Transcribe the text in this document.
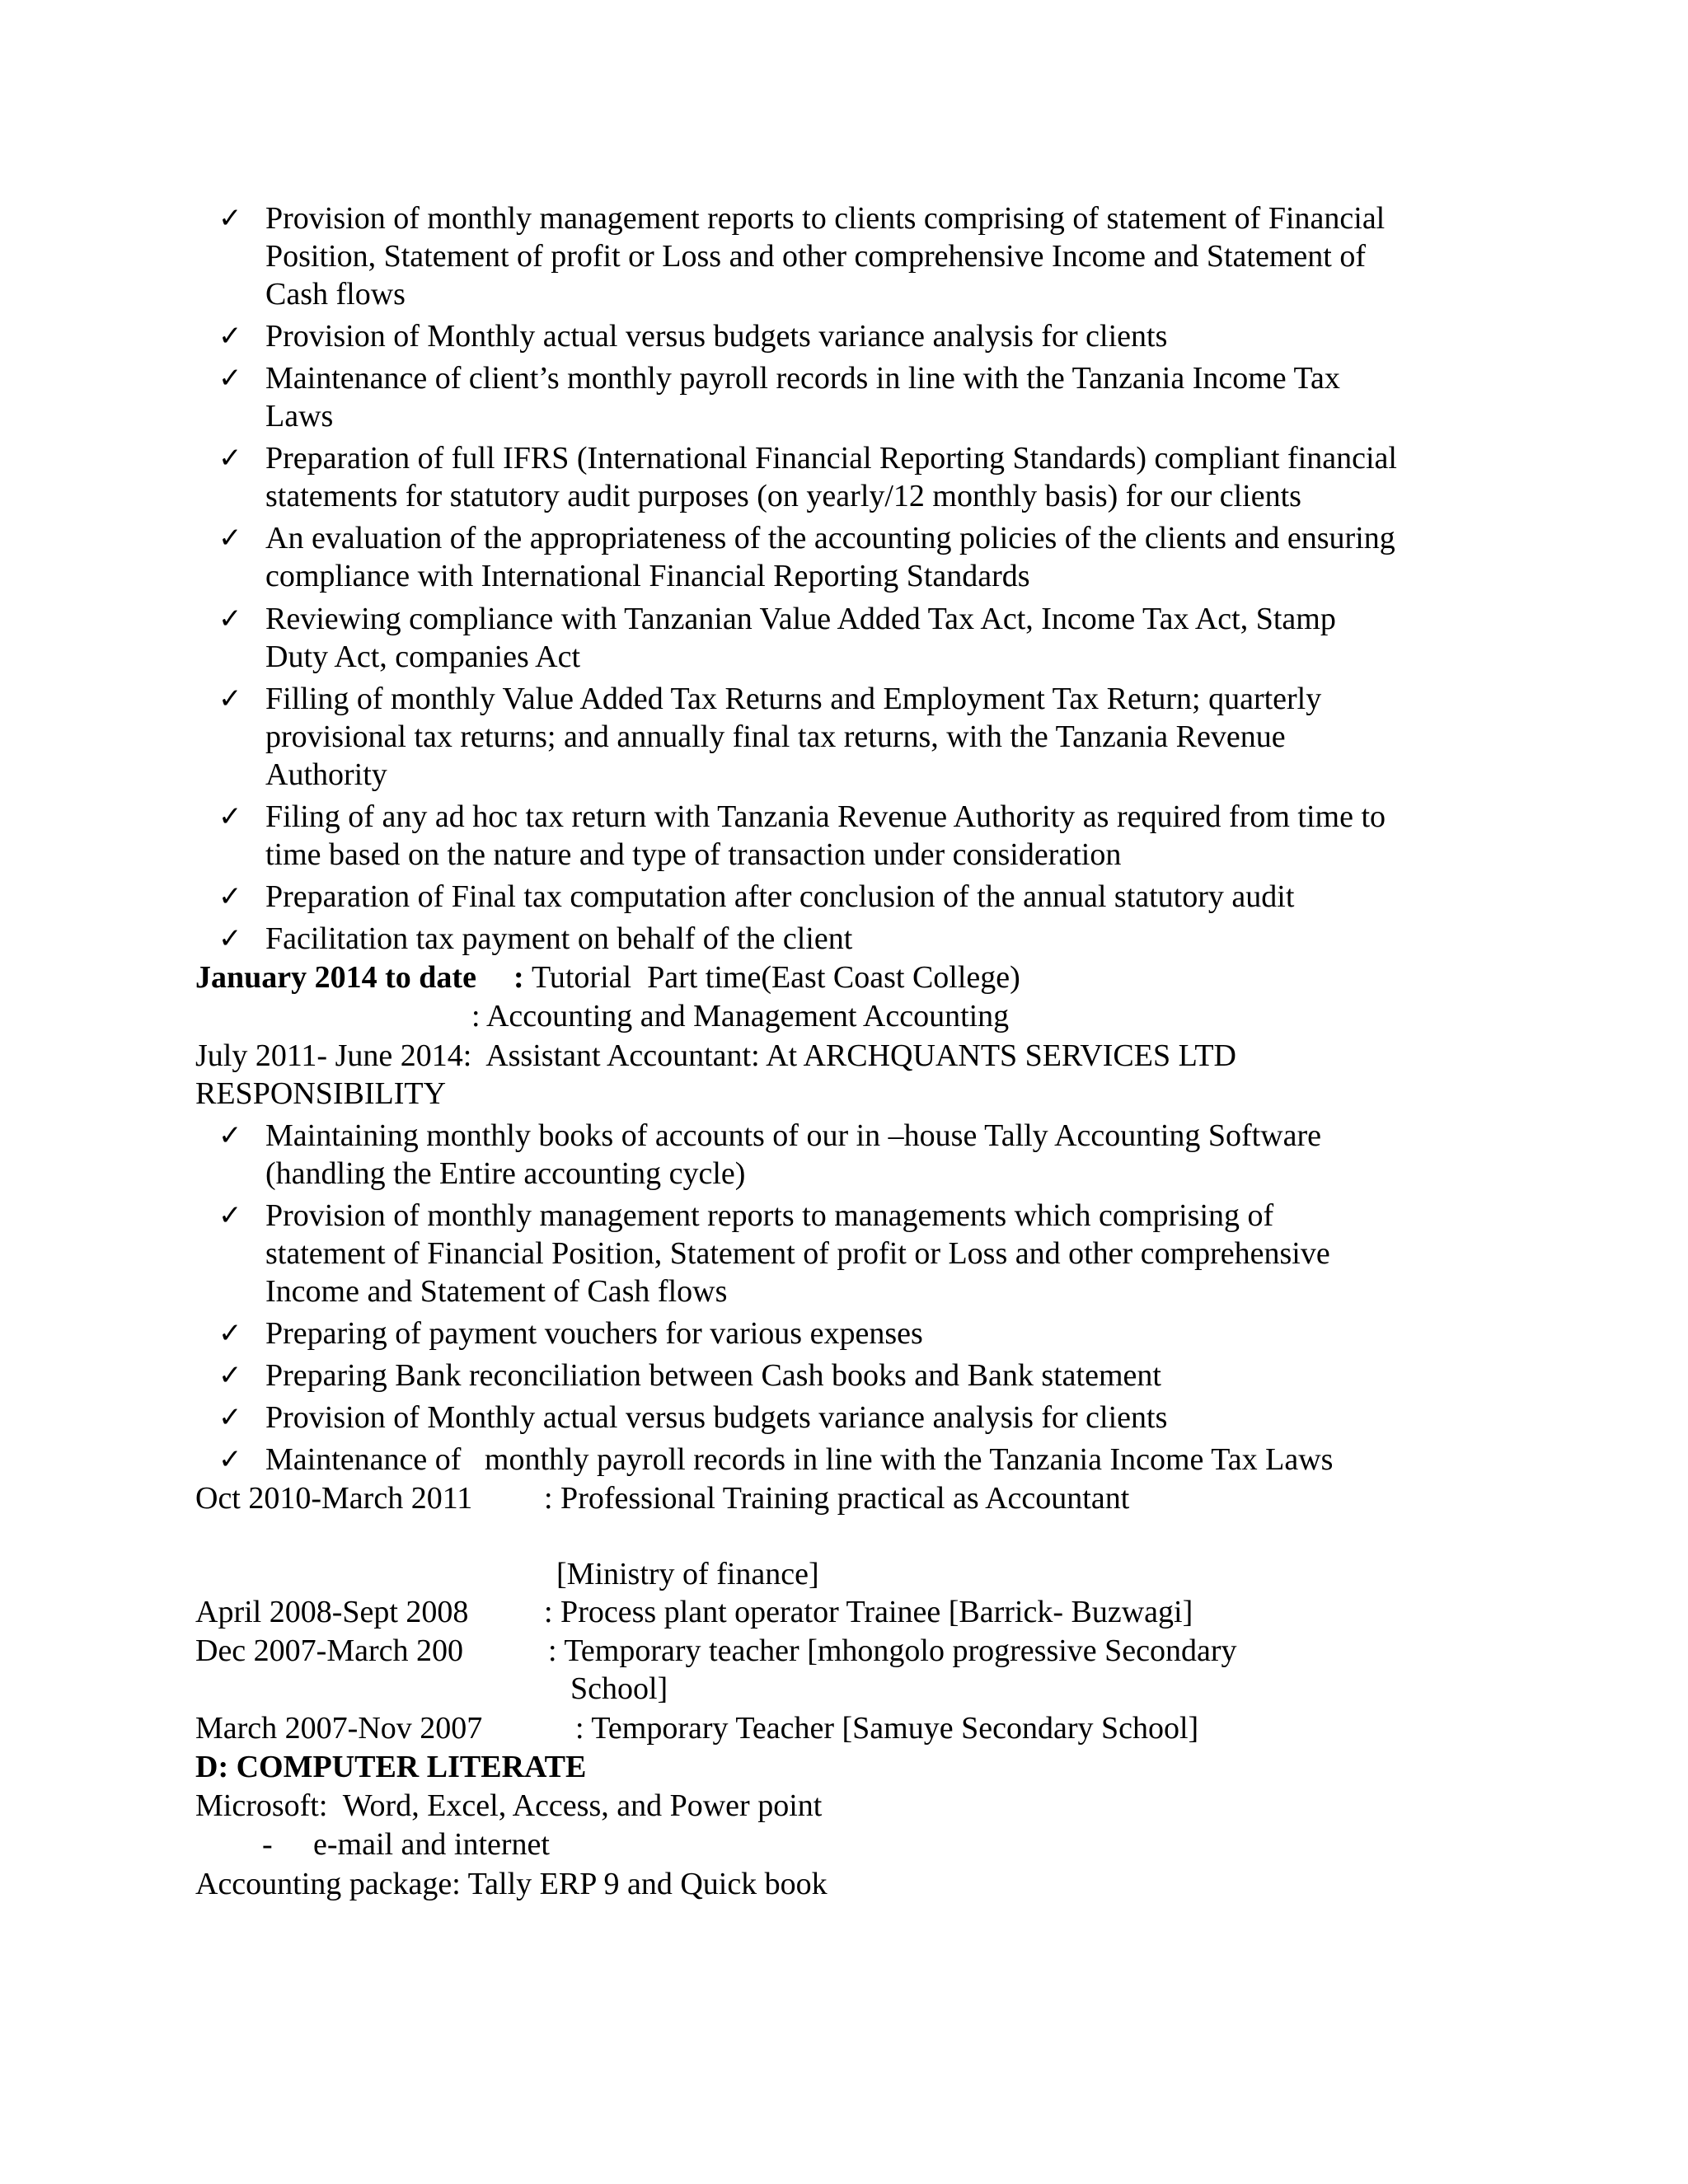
✓ Provision of monthly management reports to clients comprising of statement of Financial
Position, Statement of profit or Loss and other comprehensive Income and Statement of
Cash flows
✓ Provision of Monthly actual versus budgets variance analysis for clients
✓ Maintenance of client’s monthly payroll records in line with the Tanzania Income Tax
Laws
✓ Preparation of full IFRS (International Financial Reporting Standards) compliant financial
statements for statutory audit purposes (on yearly/12 monthly basis) for our clients
✓ An evaluation of the appropriateness of the accounting policies of the clients and ensuring
compliance with International Financial Reporting Standards
✓ Reviewing compliance with Tanzanian Value Added Tax Act, Income Tax Act, Stamp
Duty Act, companies Act
✓ Filling of monthly Value Added Tax Returns and Employment Tax Return; quarterly
provisional tax returns; and annually final tax returns, with the Tanzania Revenue
Authority
✓ Filing of any ad hoc tax return with Tanzania Revenue Authority as required from time to
time based on the nature and type of transaction under consideration
✓ Preparation of Final tax computation after conclusion of the annual statutory audit
✓ Facilitation tax payment on behalf of the client
January 2014 to date : Tutorial  Part time(East Coast College)
: Accounting and Management Accounting
July 2011- June 2014:  Assistant Accountant: At ARCHQUANTS SERVICES LTD
RESPONSIBILITY
✓ Maintaining monthly books of accounts of our in –house Tally Accounting Software
(handling the Entire accounting cycle)
✓ Provision of monthly management reports to managements which comprising of
statement of Financial Position, Statement of profit or Loss and other comprehensive
Income and Statement of Cash flows
✓ Preparing of payment vouchers for various expenses
✓ Preparing Bank reconciliation between Cash books and Bank statement
✓ Provision of Monthly actual versus budgets variance analysis for clients
✓ Maintenance of   monthly payroll records in line with the Tanzania Income Tax Laws
Oct 2010-March 2011 : Professional Training practical as Accountant
[Ministry of finance]
April 2008-Sept 2008 : Process plant operator Trainee [Barrick- Buzwagi]
Dec 2007-March 200	: Temporary teacher [mhongolo progressive Secondary
School]
March 2007-Nov 2007	: Temporary Teacher [Samuye Secondary School]
D: COMPUTER LITERATE
Microsoft:  Word, Excel, Access, and Power point
- e-mail and internet
Accounting package: Tally ERP 9 and Quick book
